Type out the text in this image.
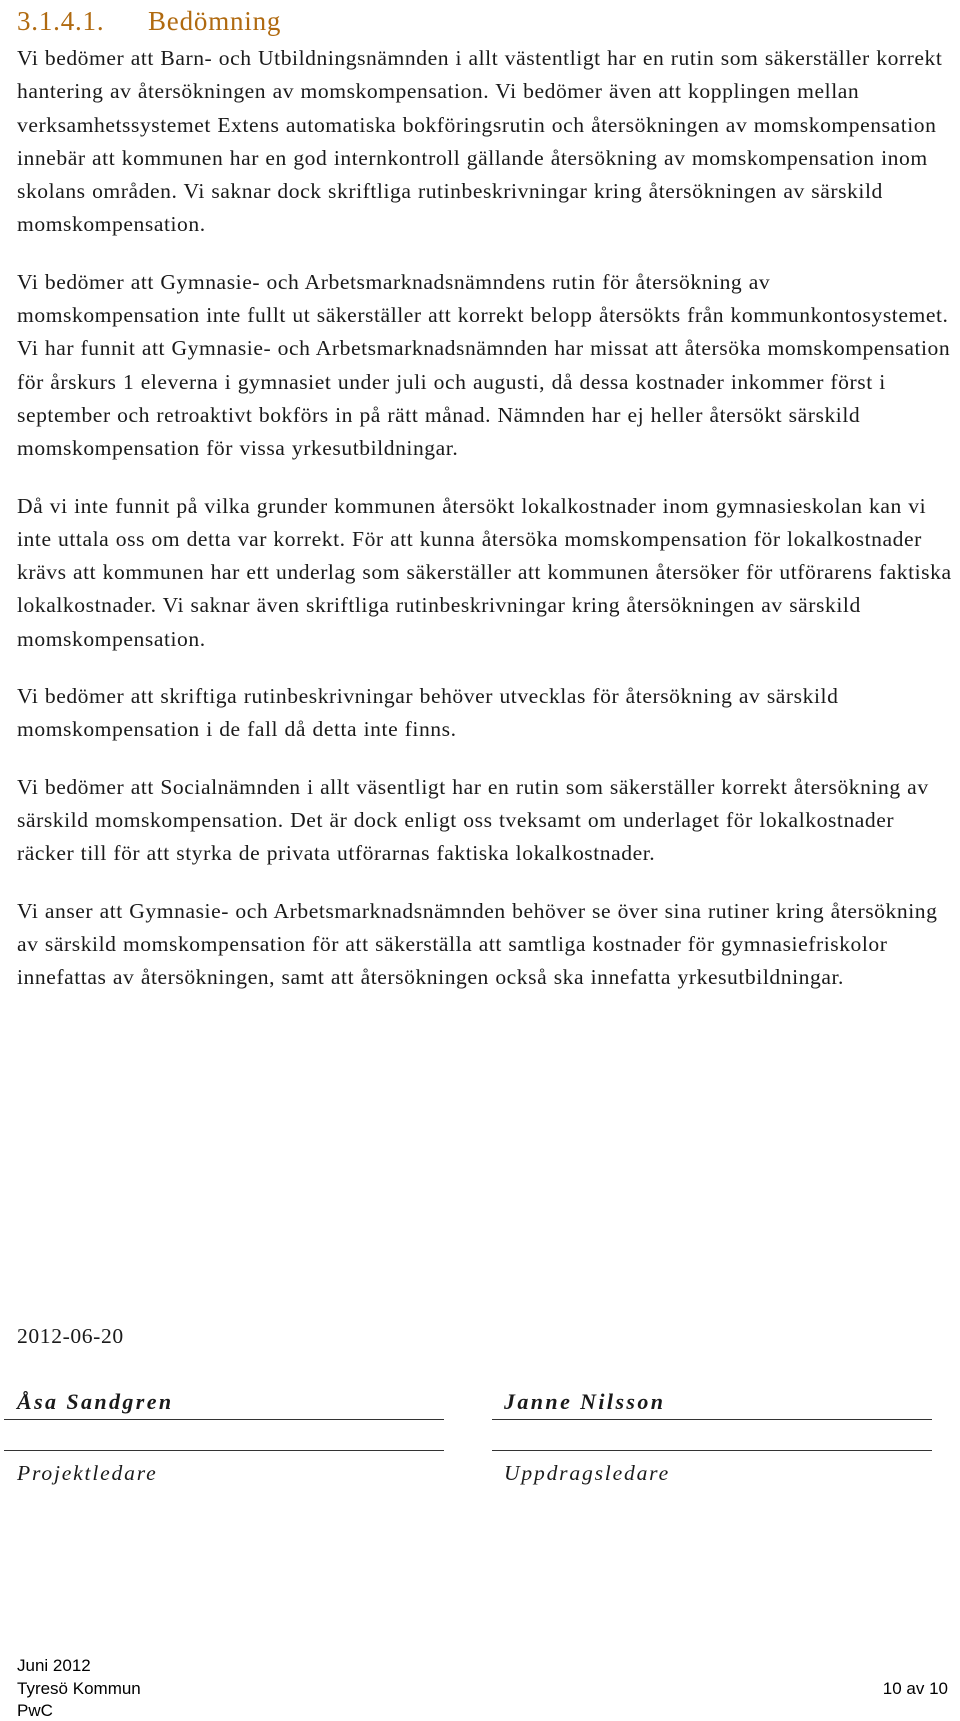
3.1.4.1. Bedömning

Vi bedömer att Barn- och Utbildningsnämnden i allt västentligt har en rutin som säkerställer korrekt hantering av återsökningen av momskompensation. Vi bedömer även att kopplingen mellan verksamhetssystemet Extens automatiska bokföringsrutin och återsökningen av momskompensation innebär att kommunen har en god internkontroll gällande återsökning av momskompensation inom skolans områden. Vi saknar dock skriftliga rutinbeskrivningar kring återsökningen av särskild momskompensation.

Vi bedömer att Gymnasie- och Arbetsmarknadsnämndens rutin för återsökning av momskompensation inte fullt ut säkerställer att korrekt belopp återsökts från kommunkontosystemet. Vi har funnit att Gymnasie- och Arbetsmarknadsnämnden har missat att återsöka momskompensation för årskurs 1 eleverna i gymnasiet under juli och augusti, då dessa kostnader inkommer först i september och retroaktivt bokförs in på rätt månad. Nämnden har ej heller återsökt särskild momskompensation för vissa yrkesutbildningar.

Då vi inte funnit på vilka grunder kommunen återsökt lokalkostnader inom gymnasieskolan kan vi inte uttala oss om detta var korrekt. För att kunna återsöka momskompensation för lokalkostnader krävs att kommunen har ett underlag som säkerställer att kommunen återsöker för utförarens faktiska lokalkostnader. Vi saknar även skriftliga rutinbeskrivningar kring återsökningen av särskild momskompensation.

Vi bedömer att skriftiga rutinbeskrivningar behöver utvecklas för återsökning av särskild momskompensation i de fall då detta inte finns.

Vi bedömer att Socialnämnden i allt väsentligt har en rutin som säkerställer korrekt återsökning av särskild momskompensation. Det är dock enligt oss tveksamt om underlaget för lokalkostnader räcker till för att styrka de privata utförarnas faktiska lokalkostnader.

Vi anser att Gymnasie- och Arbetsmarknadsnämnden behöver se över sina rutiner kring återsökning av särskild momskompensation för att säkerställa att samtliga kostnader för gymnasiefriskolor innefattas av återsökningen, samt att återsökningen också ska innefatta yrkesutbildningar.

2012-06-20
Åsa Sandgren
Projektledare
Janne Nilsson
Uppdragsledare
Juni 2012
Tyresö Kommun
PwC
10 av 10
